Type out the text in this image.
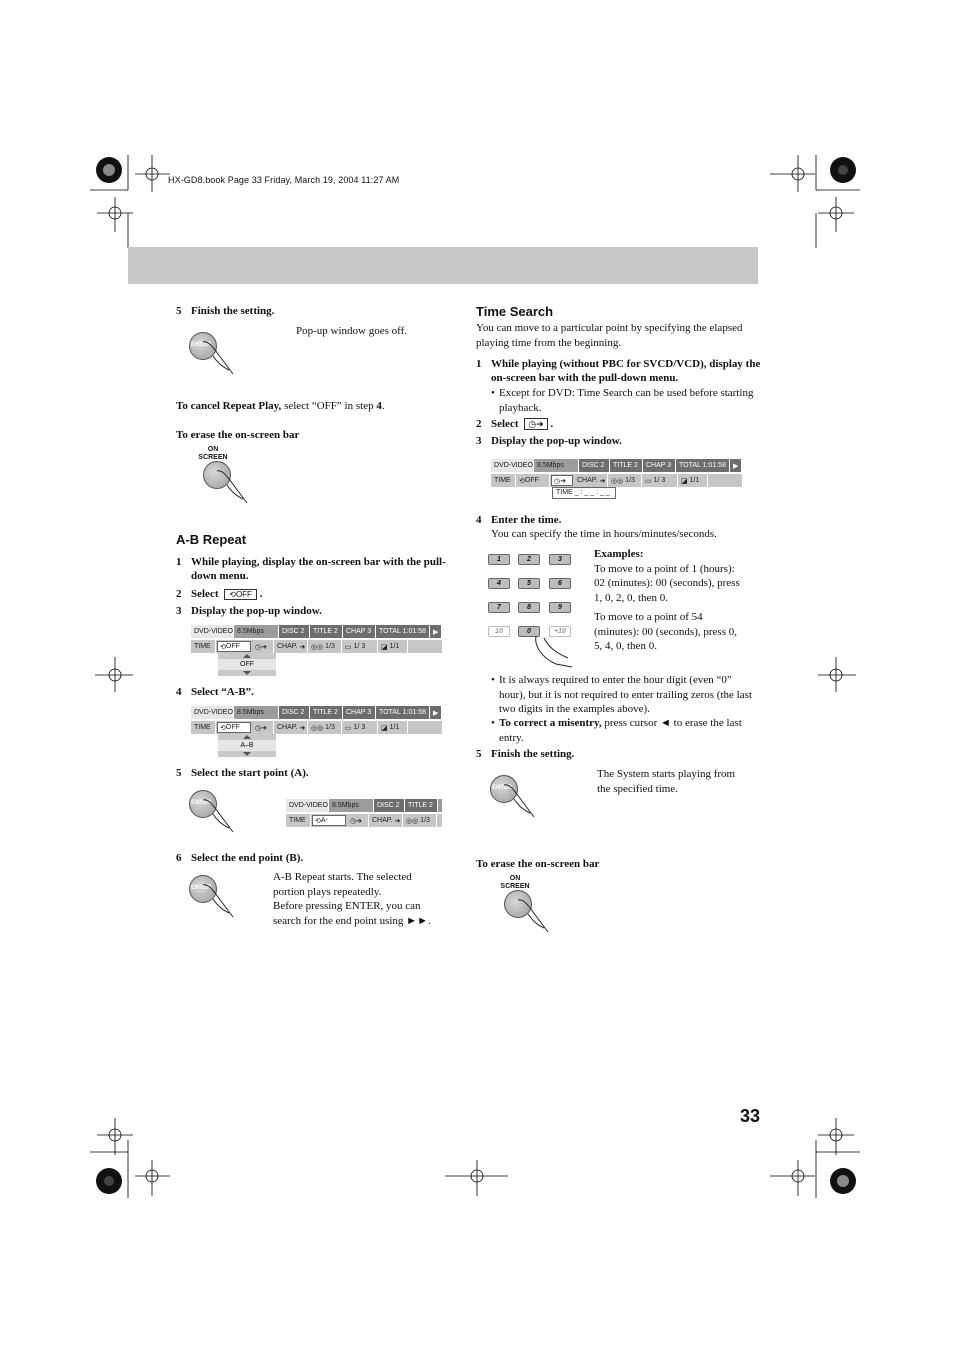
HX-GD8.book Page 33 Friday, March 19, 2004 11:27 AM
5 Finish the setting.
ENTER
Pop-up window goes off.
To cancel Repeat Play, select “OFF” in step 4.
To erase the on-screen bar
ON
SCREEN
A-B Repeat
1 While playing, display the on-screen bar with the pull-down menu.
2 Select ⟲OFF .
3 Display the pop-up window.
DVD-VIDEO 8.5Mbps	DISC 2	TITLE 2	CHAP 3	TOTAL 1:01:58	▶
TIME	⟲ OFF	◷➜	CHAP. ➜ ◎◎ 1/3	▭ 1/ 3	◪ 1/1
OFF
4 Select “A-B”.
DVD-VIDEO 8.5Mbps	DISC 2	TITLE 2	CHAP 3	TOTAL 1:01:58	▶
TIME	⟲ OFF	◷➜	CHAP. ➜ ◎◎ 1/3	▭ 1/ 3	◪ 1/1
A–B
5 Select the start point (A).
ENTER	DVD-VIDEO 8.5Mbps	DISC 2	TITLE 2
TIME	⟲ A-	◷➜	CHAP. ➜ ◎◎ 1/3
6 Select the end point (B).
ENTER
A-B Repeat starts. The selected
portion plays repeatedly.
Before pressing ENTER, you can
search for the end point using ►►.
Time Search
You can move to a particular point by specifying the elapsed
playing time from the beginning.
1 While playing (without PBC for SVCD/VCD), display the on-screen bar with the pull-down menu.
• Except for DVD: Time Search can be used before starting playback.
2 Select ◷➜ .
3 Display the pop-up window.
DVD-VIDEO 8.5Mbps	DISC 2	TITLE 2	CHAP 3	TOTAL 1:01:58	▶
TIME	⟲ OFF	◷➜	CHAP. ➜ ◎◎ 1/3	▭ 1/ 3	◪ 1/1
TIME _ : _ _ : _ _
4 Enter the time.
You can specify the time in hours/minutes/seconds.
1	2	3
4	5	6
7	8	9
10	0	+10
Examples:
To move to a point of 1 (hours):
02 (minutes): 00 (seconds), press
1, 0, 2, 0, then 0.
To move to a point of 54
(minutes): 00 (seconds), press 0,
5, 4, 0, then 0.
• It is always required to enter the hour digit (even “0” hour), but it is not required to enter trailing zeros (the last two digits in the examples above).
• To correct a misentry, press cursor ◄ to erase the last entry.
5 Finish the setting.
ENTER
The System starts playing from
the specified time.
To erase the on-screen bar
ON
SCREEN
33
